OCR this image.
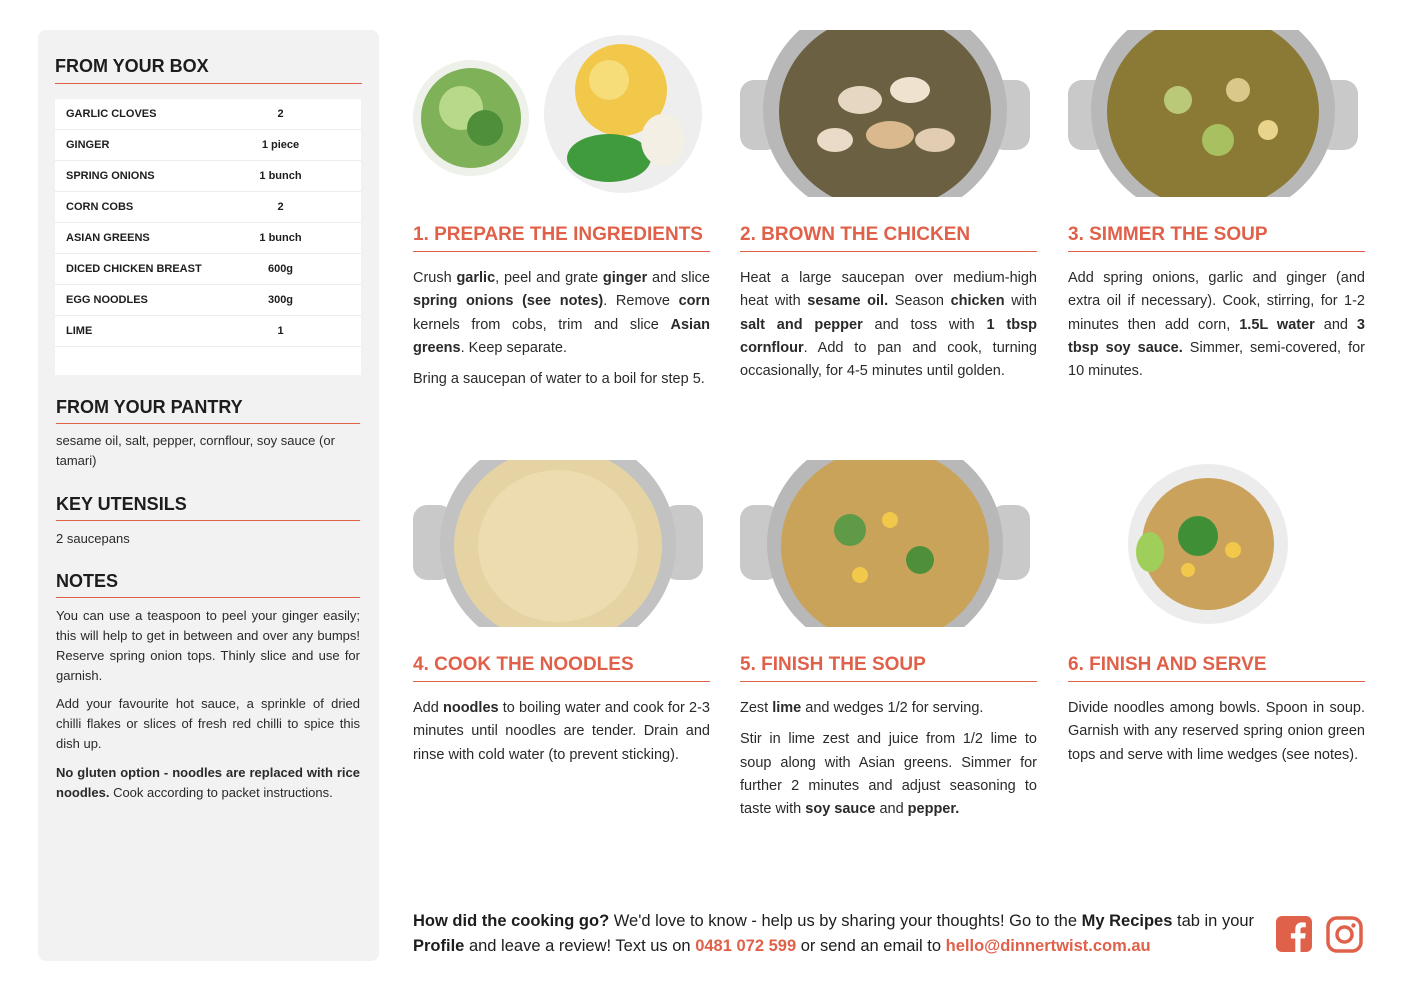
FROM YOUR BOX
GARLIC CLOVES	2
GINGER	1 piece
SPRING ONIONS	1 bunch
CORN COBS	2
ASIAN GREENS	1 bunch
DICED CHICKEN BREAST	600g
EGG NOODLES	300g
LIME	1
FROM YOUR PANTRY

sesame oil, salt, pepper, cornflour, soy sauce (or tamari)

KEY UTENSILS

2 saucepans

NOTES

You can use a teaspoon to peel your ginger easily; this will help to get in between and over any bumps! Reserve spring onion tops. Thinly slice and use for garnish.

Add your favourite hot sauce, a sprinkle of dried chilli flakes or slices of fresh red chilli to spice this dish up.

No gluten option - noodles are replaced with rice noodles. Cook according to packet instructions.

1. PREPARE THE INGREDIENTS

Crush garlic, peel and grate ginger and slice spring onions (see notes). Remove corn kernels from cobs, trim and slice Asian greens. Keep separate.

Bring a saucepan of water to a boil for step 5.

2. BROWN THE CHICKEN

Heat a large saucepan over medium-high heat with sesame oil. Season chicken with salt and pepper and toss with 1 tbsp cornflour. Add to pan and cook, turning occasionally, for 4-5 minutes until golden.

3. SIMMER THE SOUP

Add spring onions, garlic and ginger (and extra oil if necessary). Cook, stirring, for 1-2 minutes then add corn, 1.5L water and 3 tbsp soy sauce. Simmer, semi-covered, for 10 minutes.

4. COOK THE NOODLES

Add noodles to boiling water and cook for 2-3 minutes until noodles are tender. Drain and rinse with cold water (to prevent sticking).

5. FINISH THE SOUP

Zest lime and wedges 1/2 for serving.

Stir in lime zest and juice from 1/2 lime to soup along with Asian greens. Simmer for further 2 minutes and adjust seasoning to taste with soy sauce and pepper.

6. FINISH AND SERVE

Divide noodles among bowls. Spoon in soup. Garnish with any reserved spring onion green tops and serve with lime wedges (see notes).

How did the cooking go? We'd love to know - help us by sharing your thoughts! Go to the My Recipes tab in your Profile and leave a review! Text us on 0481 072 599 or send an email to hello@dinnertwist.com.au
